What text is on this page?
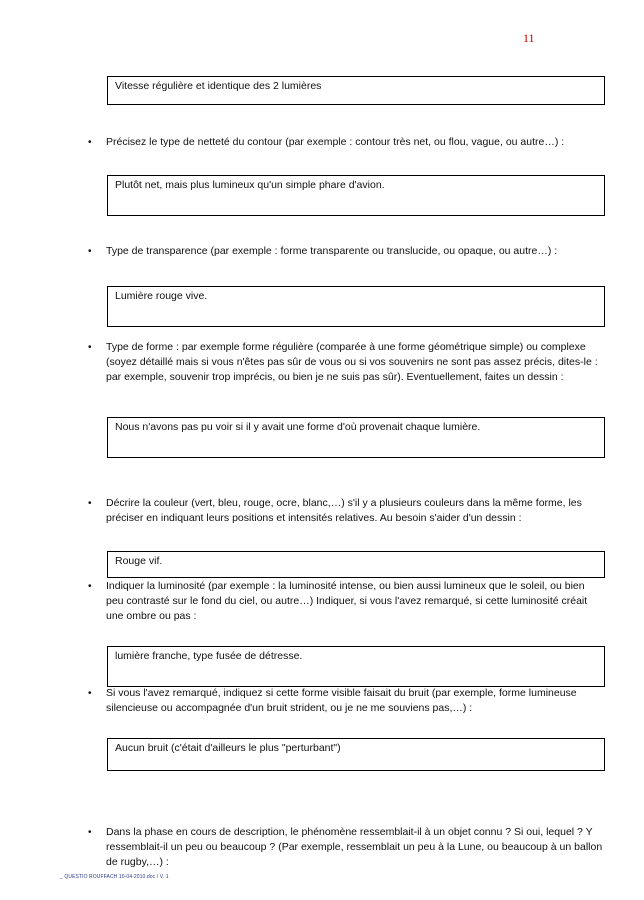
11
Vitesse régulière et identique des 2 lumières
• Précisez le type de netteté du contour (par exemple : contour très net, ou flou, vague, ou autre…) :
Plutôt net, mais plus lumineux qu'un simple phare d'avion.
• Type de transparence (par exemple : forme transparente ou translucide, ou opaque, ou autre…) :
Lumière rouge vive.
• Type de forme : par exemple forme régulière (comparée à une forme géométrique simple) ou complexe (soyez détaillé mais si vous n'êtes pas sûr de vous ou si vos souvenirs ne sont pas assez précis, dites-le : par exemple, souvenir trop imprécis, ou bien je ne suis pas sûr). Eventuellement, faites un dessin :
Nous n'avons pas pu voir si il y avait une forme d'où provenait chaque lumière.
• Décrire la couleur (vert, bleu, rouge, ocre, blanc,…) s'il y a plusieurs couleurs dans la même forme, les préciser en indiquant leurs positions et intensités relatives. Au besoin s'aider d'un dessin :
Rouge vif.
• Indiquer la luminosité (par exemple : la luminosité intense, ou bien aussi lumineux que le soleil, ou bien peu contrasté sur le fond du ciel, ou autre…) Indiquer, si vous l'avez remarqué, si cette luminosité créait une ombre ou pas :
lumière franche, type fusée de détresse.
• Si vous l'avez remarqué, indiquez si cette forme visible faisait du bruit (par exemple, forme lumineuse silencieuse ou accompagnée d'un bruit strident, ou je ne me souviens pas,…) :
Aucun bruit (c'était d'ailleurs le plus "perturbant")
• Dans la phase en cours de description, le phénomène ressemblait-il à un objet connu ? Si oui, lequel ? Y ressemblait-il un peu ou beaucoup ? (Par exemple, ressemblait un peu à la Lune, ou beaucoup à un ballon de rugby,…) :
_ QUESTIO ROUFFACH 10-04-2010.doc / V. 1
